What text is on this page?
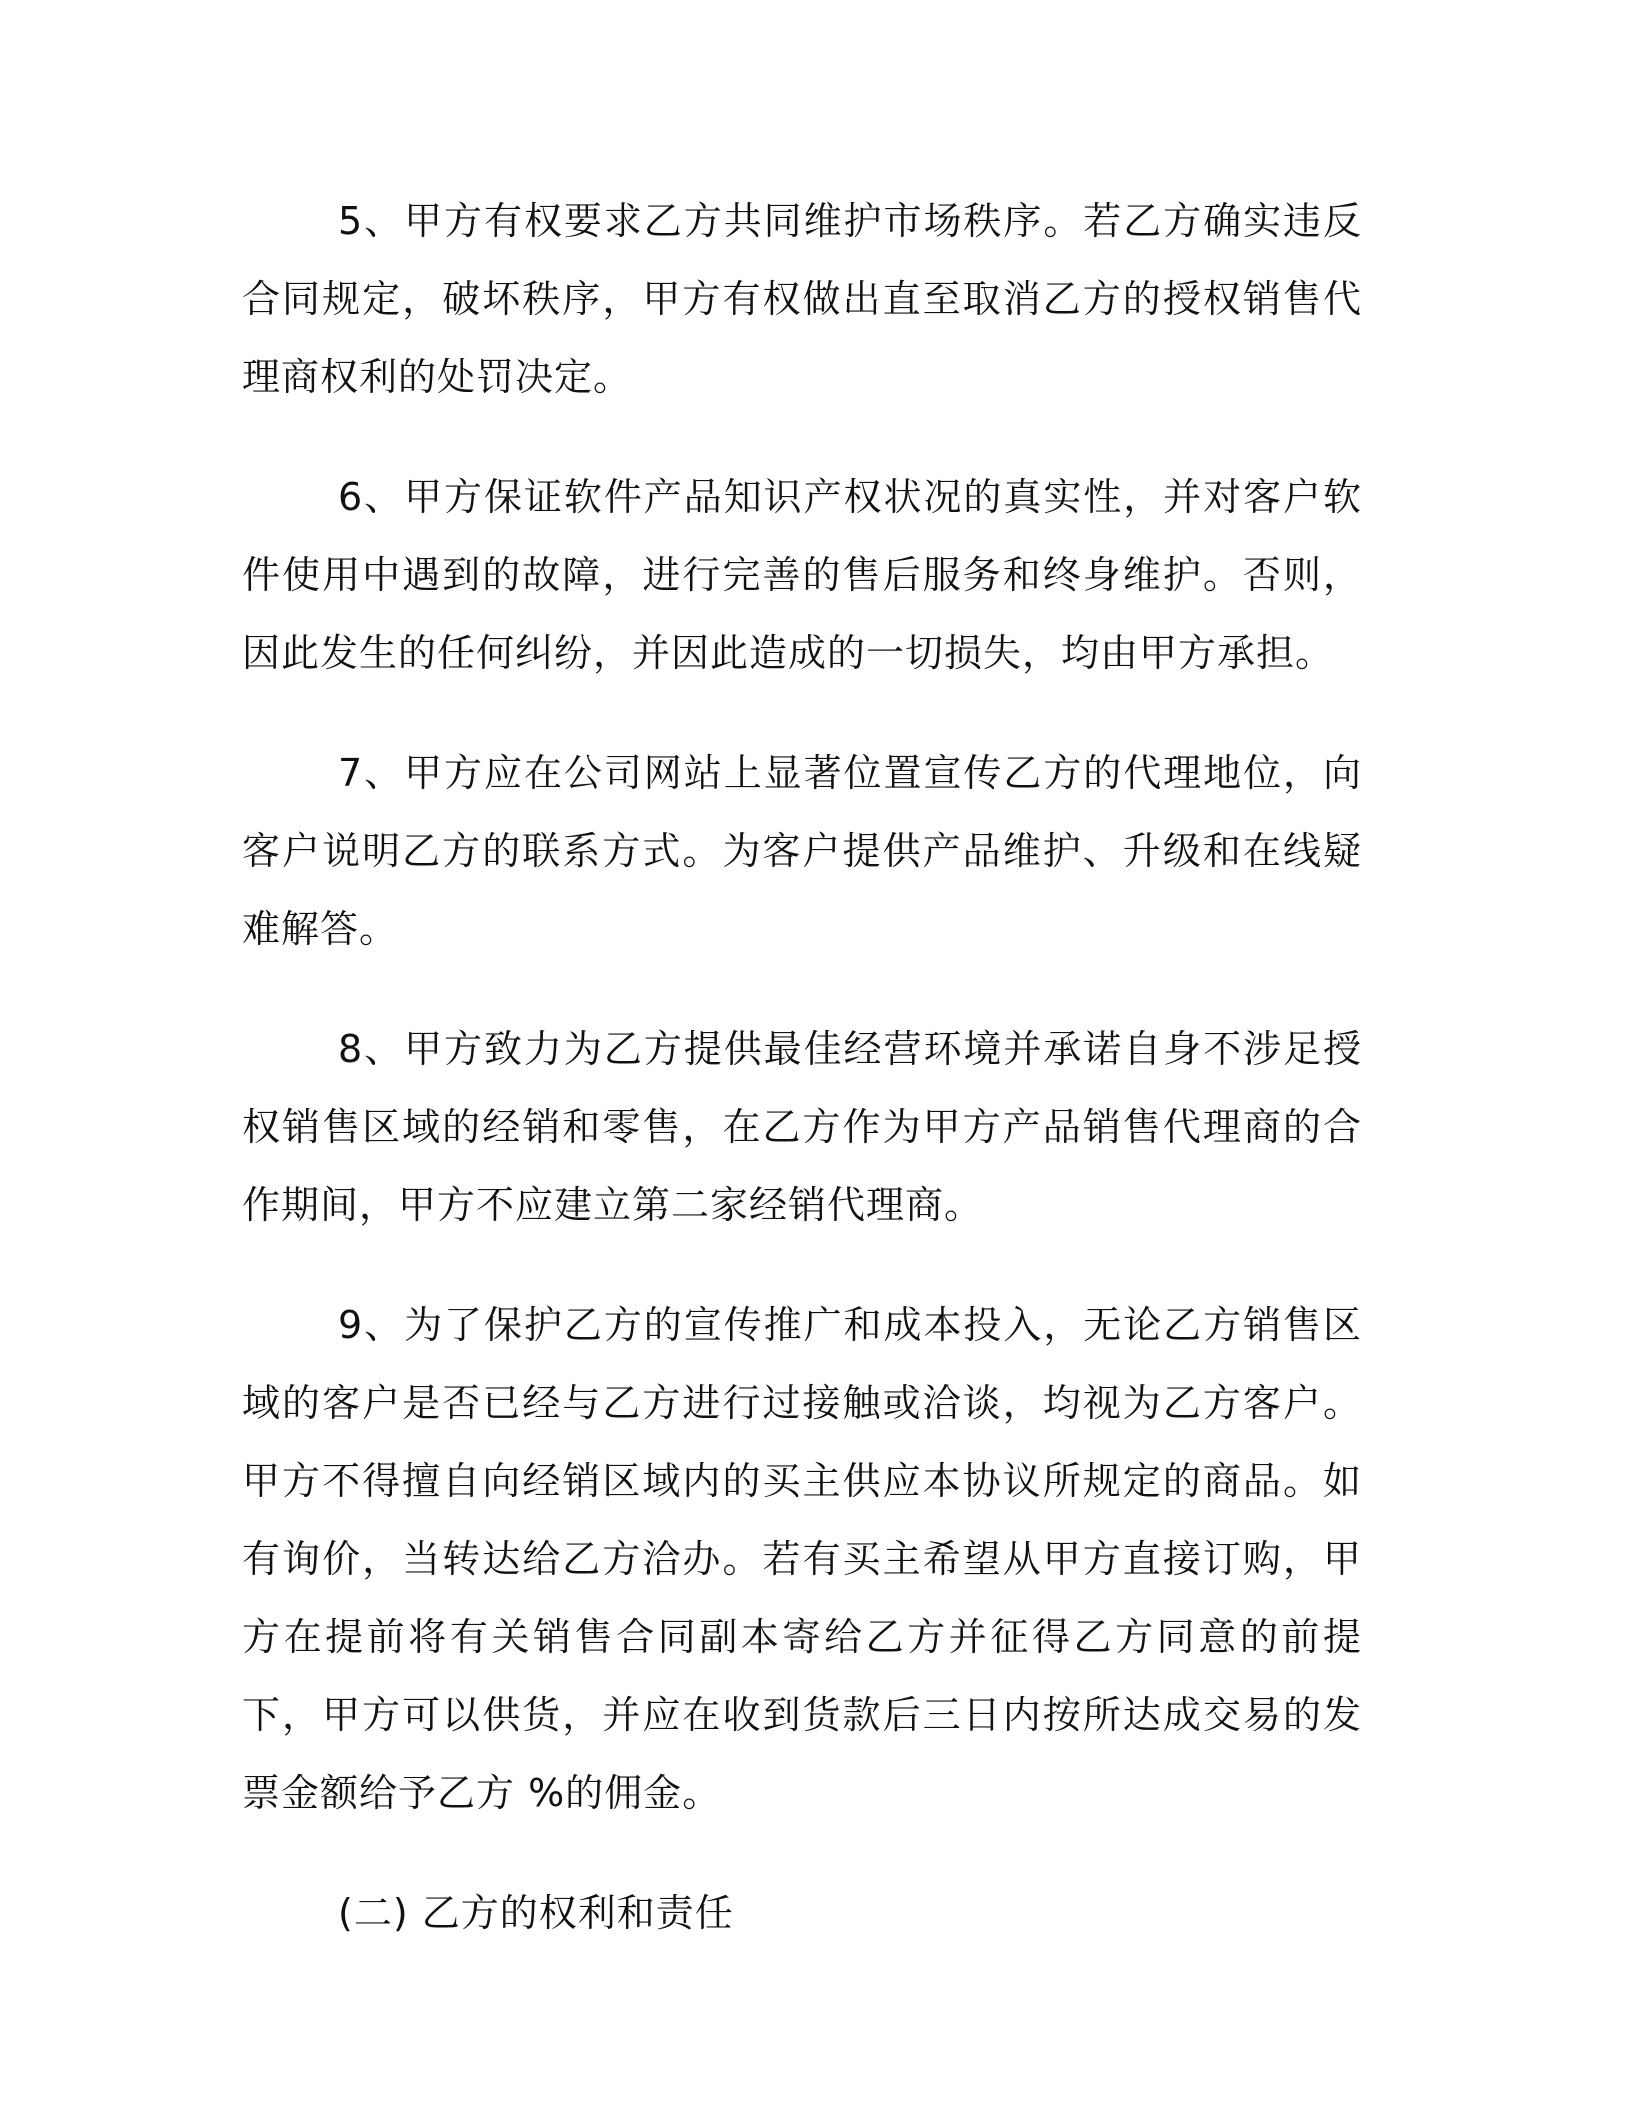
5、甲方有权要求乙方共同维护市场秩序。若乙方确实违反合同规定，破坏秩序，甲方有权做出直至取消乙方的授权销售代理商权利的处罚决定。

6、甲方保证软件产品知识产权状况的真实性，并对客户软件使用中遇到的故障，进行完善的售后服务和终身维护。否则，因此发生的任何纠纷，并因此造成的一切损失，均由甲方承担。

7、甲方应在公司网站上显著位置宣传乙方的代理地位，向客户说明乙方的联系方式。为客户提供产品维护、升级和在线疑难解答。

8、甲方致力为乙方提供最佳经营环境并承诺自身不涉足授权销售区域的经销和零售，在乙方作为甲方产品销售代理商的合作期间，甲方不应建立第二家经销代理商。

9、为了保护乙方的宣传推广和成本投入，无论乙方销售区域的客户是否已经与乙方进行过接触或洽谈，均视为乙方客户。甲方不得擅自向经销区域内的买主供应本协议所规定的商品。如有询价，当转达给乙方洽办。若有买主希望从甲方直接订购，甲方在提前将有关销售合同副本寄给乙方并征得乙方同意的前提下，甲方可以供货，并应在收到货款后三日内按所达成交易的发票金额给予乙方 %的佣金。

(二) 乙方的权利和责任
